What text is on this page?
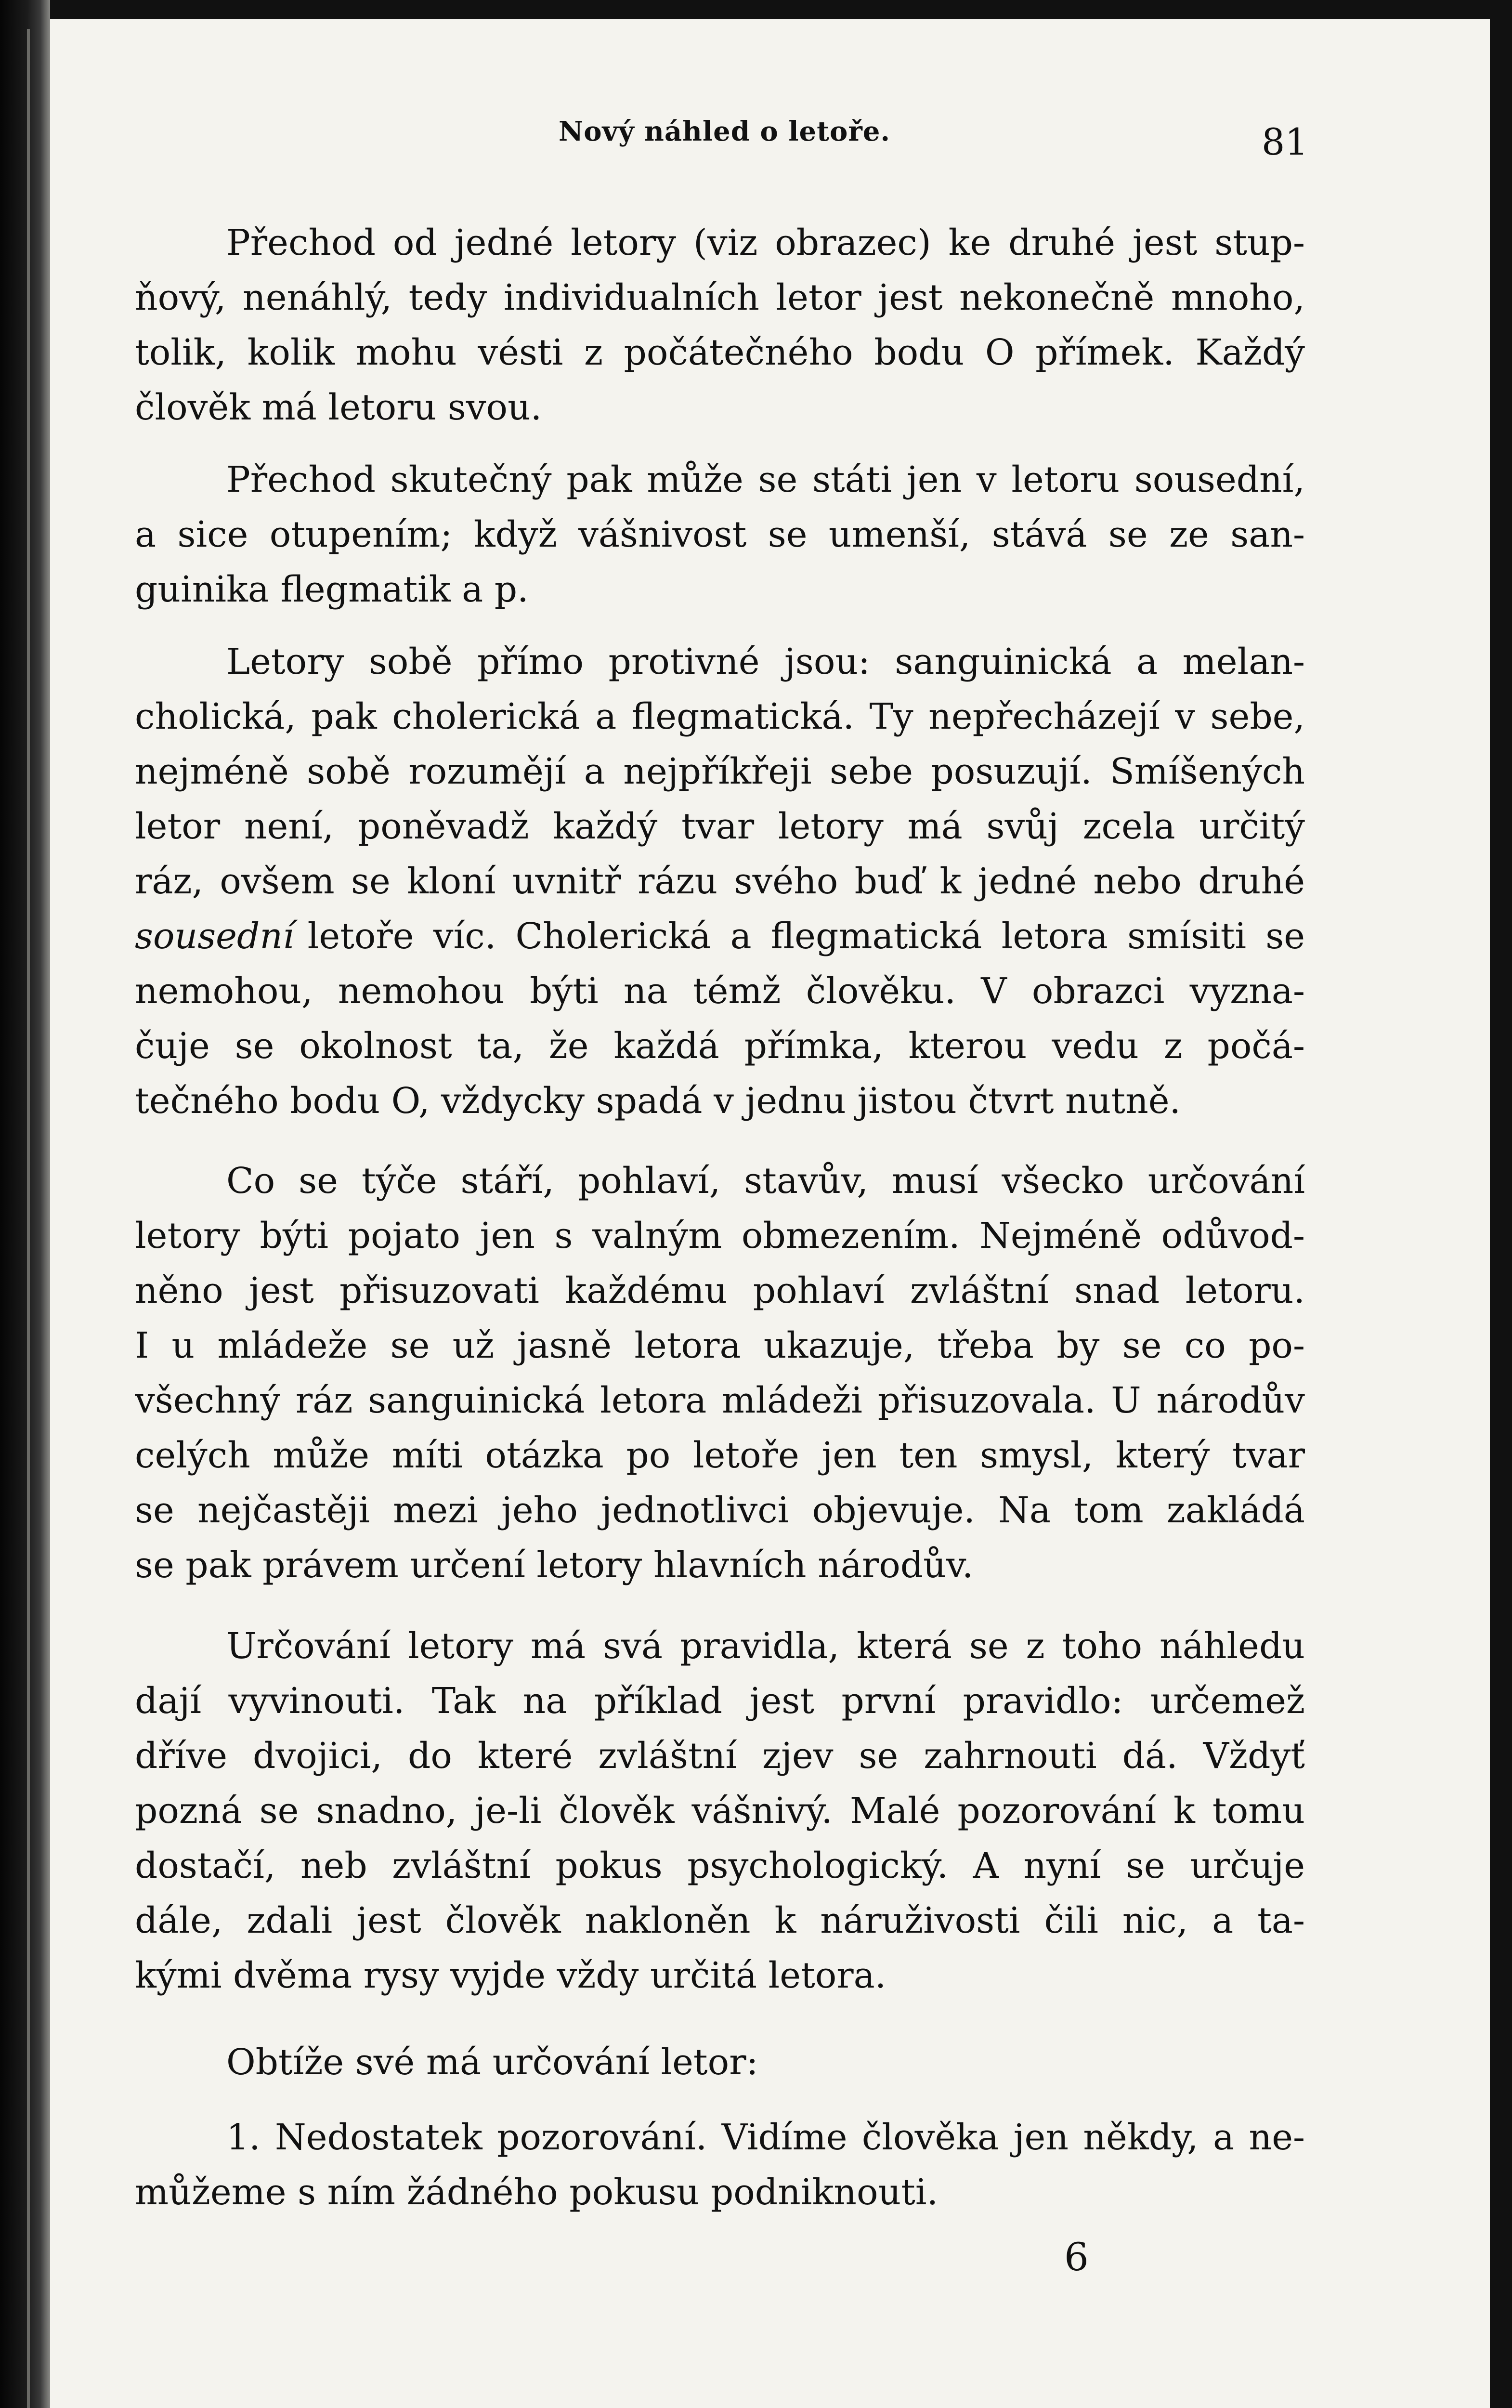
Nový náhled o letoře.	81
Přechod od jedné letory (viz obrazec) ke druhé jest stup-
ňový, nenáhlý, tedy individualních letor jest nekonečně mnoho,
tolik, kolik mohu vésti z počátečného bodu O přímek. Každý
člověk má letoru svou.
Přechod skutečný pak může se státi jen v letoru sousední,
a sice otupením; když vášnivost se umenší, stává se ze san-
guinika flegmatik a p.
Letory sobě přímo protivné jsou: sanguinická a melan-
cholická, pak cholerická a flegmatická. Ty nepřecházejí v sebe,
nejméně sobě rozumějí a nejpříkřeji sebe posuzují. Smíšených
letor není, poněvadž každý tvar letory má svůj zcela určitý
ráz, ovšem se kloní uvnitř rázu svého buď k jedné nebo druhé
sousední letoře víc. Cholerická a flegmatická letora smísiti se
nemohou, nemohou býti na témž člověku. V obrazci vyzna-
čuje se okolnost ta, že každá přímka, kterou vedu z počá-
tečného bodu O, vždycky spadá v jednu jistou čtvrt nutně.
Co se týče stáří, pohlaví, stavův, musí všecko určování
letory býti pojato jen s valným obmezením. Nejméně odůvod-
něno jest přisuzovati každému pohlaví zvláštní snad letoru.
I u mládeže se už jasně letora ukazuje, třeba by se co po-
všechný ráz sanguinická letora mládeži přisuzovala. U národův
celých může míti otázka po letoře jen ten smysl, který tvar
se nejčastěji mezi jeho jednotlivci objevuje. Na tom zakládá
se pak právem určení letory hlavních národův.
Určování letory má svá pravidla, která se z toho náhledu
dají vyvinouti. Tak na příklad jest první pravidlo: určemež
dříve dvojici, do které zvláštní zjev se zahrnouti dá. Vždyť
pozná se snadno, je-li člověk vášnivý. Malé pozorování k tomu
dostačí, neb zvláštní pokus psychologický. A nyní se určuje
dále, zdali jest člověk nakloněn k náruživosti čili nic, a ta-
kými dvěma rysy vyjde vždy určitá letora.
Obtíže své má určování letor:
1. Nedostatek pozorování. Vidíme člověka jen někdy, a ne-
můžeme s ním žádného pokusu podniknouti.
6
